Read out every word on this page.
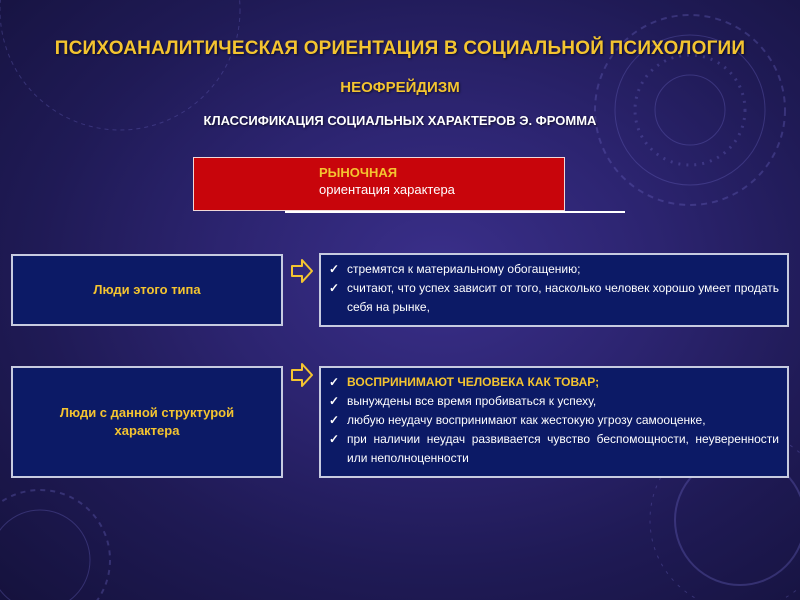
ПСИХОАНАЛИТИЧЕСКАЯ ОРИЕНТАЦИЯ В СОЦИАЛЬНОЙ ПСИХОЛОГИИ
НЕОФРЕЙДИЗМ
КЛАССИФИКАЦИЯ СОЦИАЛЬНЫХ ХАРАКТЕРОВ Э. ФРОММА
РЫНОЧНАЯ
ориентация характера
Люди этого типа
✓ стремятся к материальному обогащению;
✓ считают, что успех зависит от того, насколько человек хорошо умеет продать себя на рынке,
Люди с данной структурой характера
✓ ВОСПРИНИМАЮТ ЧЕЛОВЕКА КАК ТОВАР;
✓ вынуждены все время пробиваться к успеху,
✓ любую неудачу воспринимают как жестокую угрозу самооценке,
✓ при наличии неудач развивается чувство беспомощности, неуверенности или неполноценности
